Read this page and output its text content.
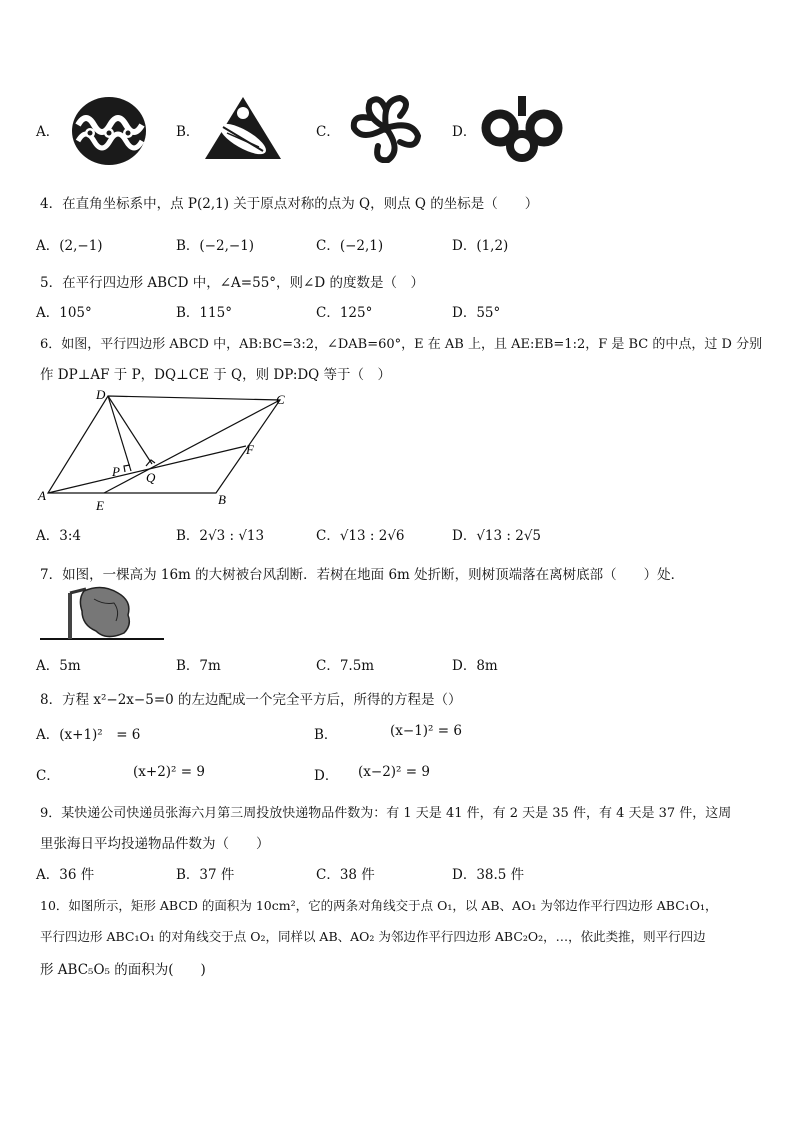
A．	B．	C．	D．
4．在直角坐标系中，点 P(2,1) 关于原点对称的点为 Q，则点 Q 的坐标是（　　）
A．(2,−1)	B．(−2,−1)	C．(−2,1)	D．(1,2)
5．在平行四边形 ABCD 中，∠A=55°，则∠D 的度数是（　）
A．105°	B．115°	C．125°	D．55°
6．如图，平行四边形 ABCD 中，AB:BC=3:2，∠DAB=60°，E 在 AB 上，且 AE:EB=1:2，F 是 BC 的中点，过 D 分别
作 DP⊥AF 于 P，DQ⊥CE 于 Q，则 DP:DQ 等于（　）
A	B
C
D
E
F
P Q
A．3:4	B．2√3 : √13	C．√13 : 2√6	D．√13 : 2√5
7．如图，一棵高为 16m 的大树被台风刮断．若树在地面 6m 处折断，则树顶端落在离树底部（　　）处．
A．5m	B．7m	C．7.5m	D．8m
8．方程 x²−2x−5=0 的左边配成一个完全平方后，所得的方程是（）
A．(x+1)²　= 6	B．	(x−1)² = 6
C．	(x+2)² = 9	D． (x−2)² = 9
9．某快递公司快递员张海六月第三周投放快递物品件数为：有 1 天是 41 件，有 2 天是 35 件，有 4 天是 37 件，这周
里张海日平均投递物品件数为（　　）
A．36 件	B．37 件	C．38 件	D．38.5 件
10．如图所示，矩形 ABCD 的面积为 10cm²，它的两条对角线交于点 O₁，以 AB、AO₁ 为邻边作平行四边形 ABC₁O₁，
平行四边形 ABC₁O₁ 的对角线交于点 O₂，同样以 AB、AO₂ 为邻边作平行四边形 ABC₂O₂，…，依此类推，则平行四边
形 ABC₅O₅ 的面积为(　　)
